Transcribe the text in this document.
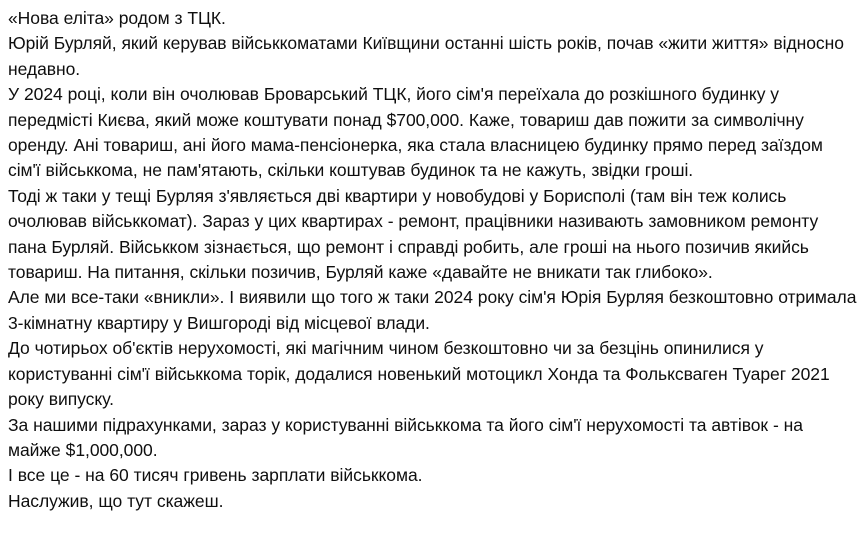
«Нова еліта» родом з ТЦК.

Юрій Бурляй, який керував військкоматами Київщини останні шість років, почав «жити життя» відносно недавно.

У 2024 році, коли він очолював Броварський ТЦК, його сім'я переїхала до розкішного будинку у передмісті Києва, який може коштувати понад $700,000. Каже, товариш дав пожити за символічну оренду. Ані товариш, ані його мама-пенсіонерка, яка стала власницею будинку прямо перед заїздом сім'ї військкома, не пам'ятають, скільки коштував будинок та не кажуть, звідки гроші.

Тоді ж таки у тещі Бурляя з'являється дві квартири у новобудові у Борисполі (там він теж колись очолював військкомат). Зараз у цих квартирах - ремонт, працівники називають замовником ремонту пана Бурляй. Військком зізнається, що ремонт і справді робить, але гроші на нього позичив якийсь товариш. На питання, скільки позичив, Бурляй каже «давайте не вникати так глибоко».

Але ми все-таки «вникли». І виявили що того ж таки 2024 року сім'я Юрія Бурляя безкоштовно отримала 3-кімнатну квартиру у Вишгороді від місцевої влади.

До чотирьох об'єктів нерухомості, які магічним чином безкоштовно чи за безцінь опинилися у користуванні сім'ї військкома торік, додалися новенький мотоцикл Хонда та Фольксваген Туарег 2021 року випуску.

За нашими підрахунками, зараз у користуванні військкома та його сім'ї нерухомості та автівок - на майже $1,000,000.

І все це - на 60 тисяч гривень зарплати військкома.

Наслужив, що тут скажеш.
